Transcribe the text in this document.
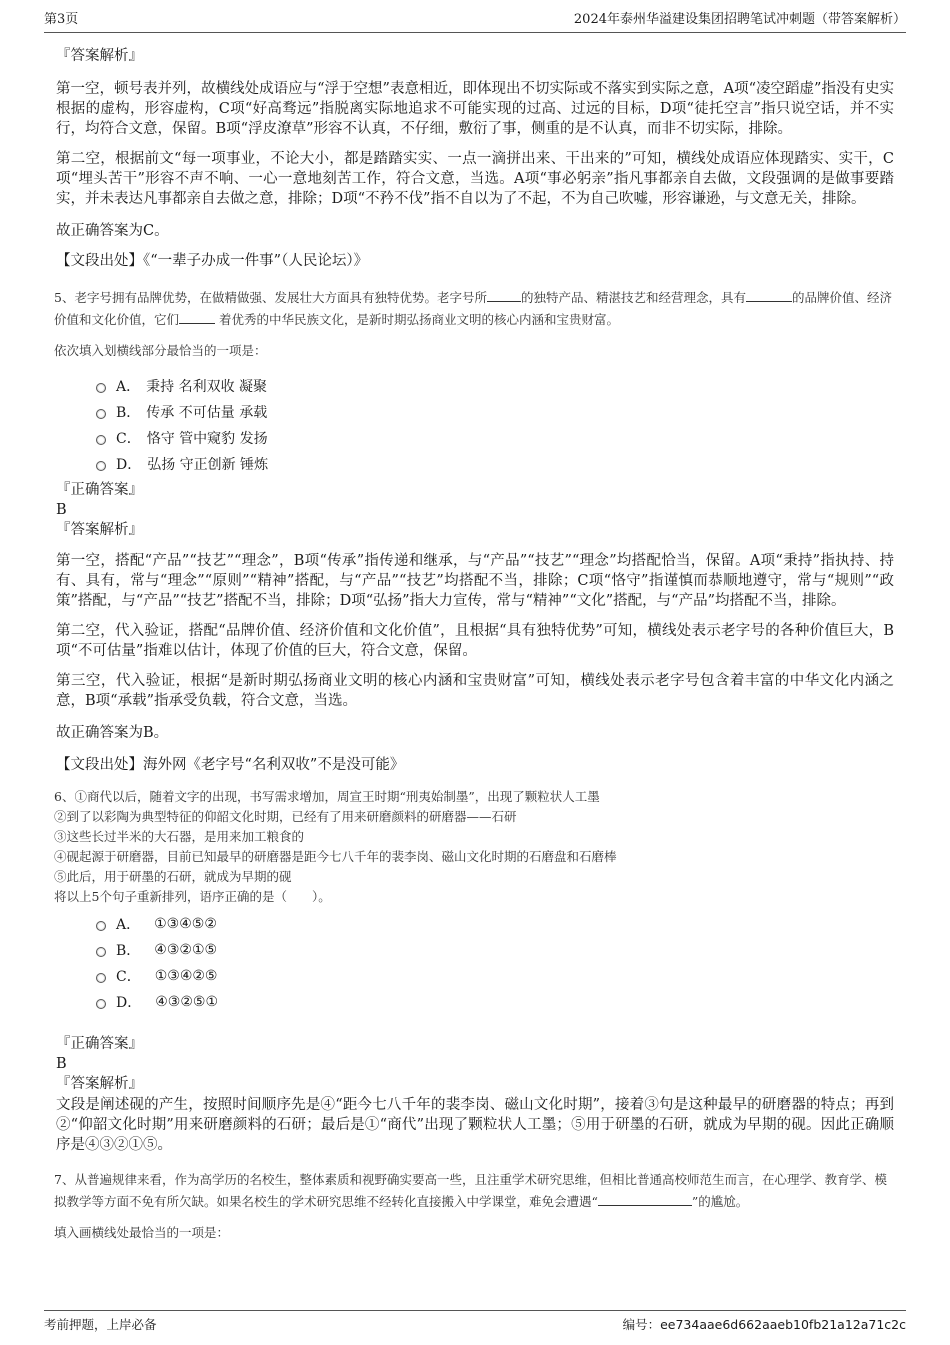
第3页	2024年泰州华溢建设集团招聘笔试冲刺题（带答案解析）

『答案解析』

第一空，顿号表并列，故横线处成语应与“浮于空想”表意相近，即体现出不切实际或不落实到实际之意，A项“凌空蹈虚”指没有史实根据的虚构，形容虚构，C项“好高骛远”指脱离实际地追求不可能实现的过高、过远的目标，D项“徒托空言”指只说空话，并不实行，均符合文意，保留。B项“浮皮潦草”形容不认真，不仔细，敷衍了事，侧重的是不认真，而非不切实际，排除。

第二空，根据前文“每一项事业，不论大小，都是踏踏实实、一点一滴拼出来、干出来的”可知，横线处成语应体现踏实、实干，C项“埋头苦干”形容不声不响、一心一意地刻苦工作，符合文意，当选。A项“事必躬亲”指凡事都亲自去做，文段强调的是做事要踏实，并未表达凡事都亲自去做之意，排除；D项“不矜不伐”指不自以为了不起，不为自己吹嘘，形容谦逊，与文意无关，排除。

故正确答案为C。

【文段出处】《“一辈子办成一件事”（人民论坛）》

5、老字号拥有品牌优势，在做精做强、发展壮大方面具有独特优势。老字号所	的独特产品、精湛技艺和经营理念，具有	的品牌价值、经济价值和文化价值，它们	着优秀的中华民族文化，是新时期弘扬商业文明的核心内涵和宝贵财富。

依次填入划横线部分最恰当的一项是：

A． 秉持 名利双收 凝聚
B． 传承 不可估量 承载
C． 恪守 管中窥豹 发扬
D． 弘扬 守正创新 锤炼

『正确答案』

B

『答案解析』

第一空，搭配“产品”“技艺”“理念”，B项“传承”指传递和继承，与“产品”“技艺”“理念”均搭配恰当，保留。A项“秉持”指执持、持有、具有，常与“理念”“原则”“精神”搭配，与“产品”“技艺”均搭配不当，排除；C项“恪守”指谨慎而恭顺地遵守，常与“规则”“政策”搭配，与“产品”“技艺”搭配不当，排除；D项“弘扬”指大力宣传，常与“精神”“文化”搭配，与“产品”均搭配不当，排除。

第二空，代入验证，搭配“品牌价值、经济价值和文化价值”，且根据“具有独特优势”可知，横线处表示老字号的各种价值巨大，B项“不可估量”指难以估计，体现了价值的巨大，符合文意，保留。

第三空，代入验证，根据“是新时期弘扬商业文明的核心内涵和宝贵财富”可知，横线处表示老字号包含着丰富的中华文化内涵之意，B项“承载”指承受负载，符合文意，当选。

故正确答案为B。

【文段出处】海外网《老字号“名利双收”不是没可能》

6、①商代以后，随着文字的出现，书写需求增加，周宣王时期“刑夷始制墨”，出现了颗粒状人工墨

②到了以彩陶为典型特征的仰韶文化时期，已经有了用来研磨颜料的研磨器——石研

③这些长过半米的大石器，是用来加工粮食的

④砚起源于研磨器，目前已知最早的研磨器是距今七八千年的裴李岗、磁山文化时期的石磨盘和石磨棒

⑤此后，用于研墨的石研，就成为早期的砚

将以上5个句子重新排列，语序正确的是（　　）。

A． ①③④⑤②
B． ④③②①⑤
C． ①③④②⑤
D． ④③②⑤①

『正确答案』

B

『答案解析』

文段是阐述砚的产生，按照时间顺序先是④“距今七八千年的裴李岗、磁山文化时期”，接着③句是这种最早的研磨器的特点；再到②“仰韶文化时期”用来研磨颜料的石研；最后是①“商代”出现了颗粒状人工墨；⑤用于研墨的石研，就成为早期的砚。因此正确顺序是④③②①⑤。

7、从普遍规律来看，作为高学历的名校生，整体素质和视野确实要高一些，且注重学术研究思维，但相比普通高校师范生而言，在心理学、教育学、模拟教学等方面不免有所欠缺。如果名校生的学术研究思维不经转化直接搬入中学课堂，难免会遭遇“	”的尴尬。

填入画横线处最恰当的一项是：

考前押题，上岸必备	编号：ee734aae6d662aaeb10fb21a12a71c2c
